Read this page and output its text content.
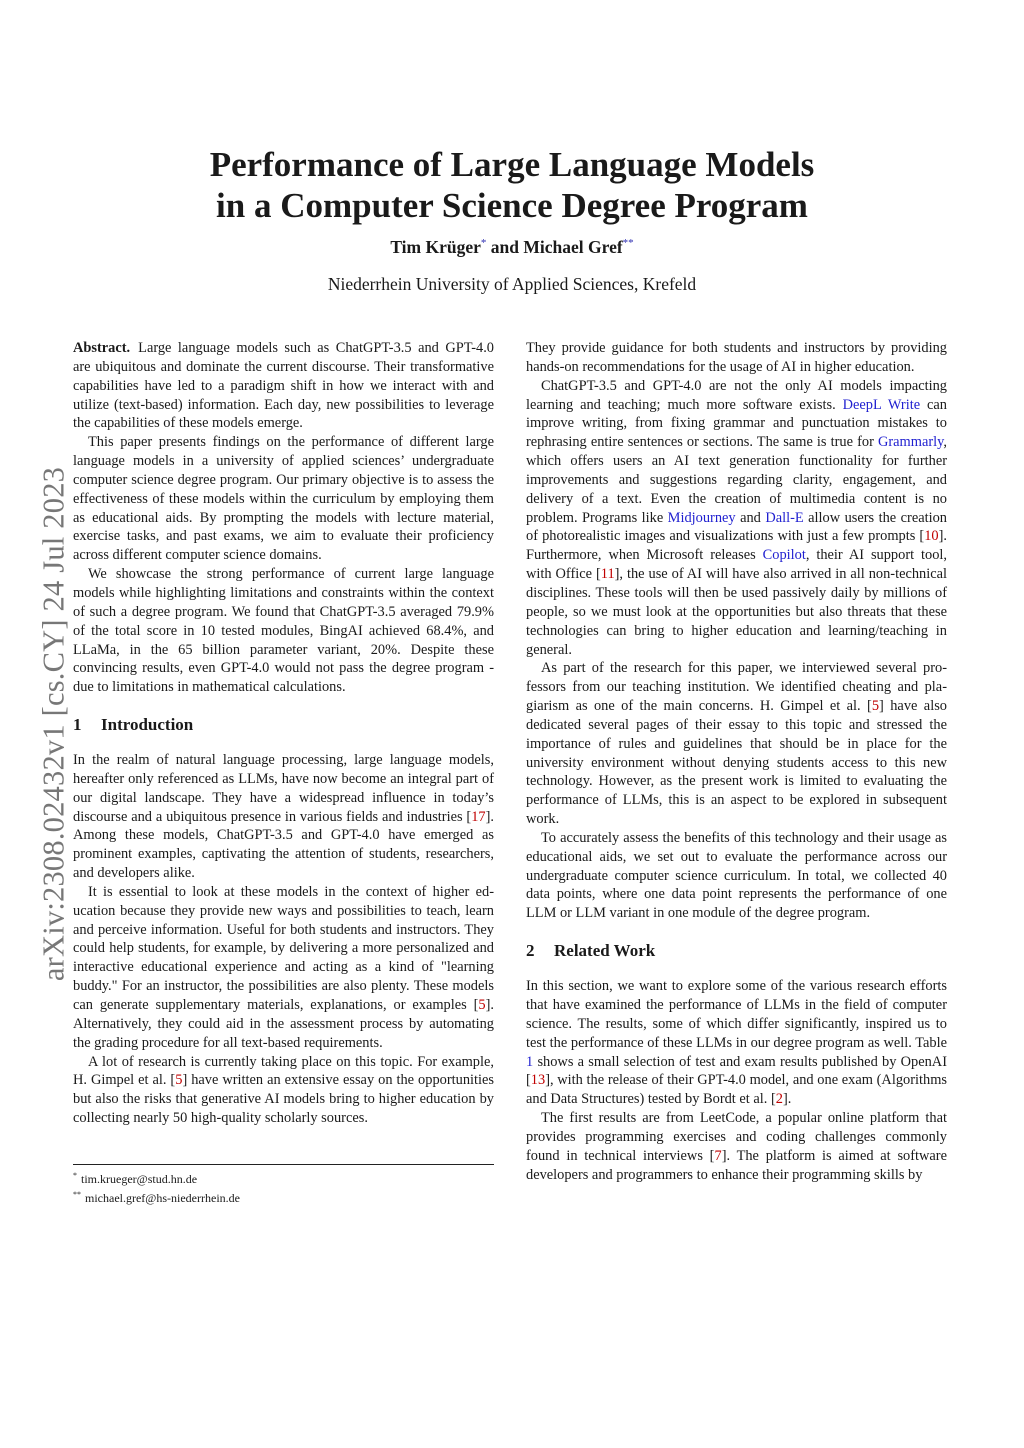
arXiv:2308.02432v1 [cs.CY] 24 Jul 2023
Performance of Large Language Models
in a Computer Science Degree Program
Tim Krüger* and Michael Gref**
Niederrhein University of Applied Sciences, Krefeld

Abstract. Large language models such as ChatGPT-3.5 and GPT-4.0 are ubiquitous and dominate the current discourse. Their transformative capabilities have led to a paradigm shift in how we interact with and utilize (text-based) information. Each day, new possibilities to leverage the capabilities of these models emerge.

This paper presents findings on the performance of different large language models in a university of applied sciences’ undergraduate computer science degree program. Our primary objective is to assess the effectiveness of these models within the curriculum by employing them as educational aids. By prompting the models with lecture material, exercise tasks, and past exams, we aim to evaluate their proficiency across different computer science domains.

We showcase the strong performance of current large language models while highlighting limitations and constraints within the context of such a degree program. We found that ChatGPT-3.5 averaged 79.9% of the total score in 10 tested modules, BingAI achieved 68.4%, and LLaMa, in the 65 billion parameter variant, 20%. Despite these convincing results, even GPT-4.0 would not pass the degree program - due to limitations in mathematical calculations.

1 Introduction

In the realm of natural language processing, large language models, hereafter only referenced as LLMs, have now become an integral part of our digital landscape. They have a widespread influence in today’s discourse and a ubiquitous presence in various fields and industries [17]. Among these models, ChatGPT-3.5 and GPT-4.0 have emerged as prominent examples, captivating the attention of students, researchers, and developers alike.

It is essential to look at these models in the context of higher education because they provide new ways and possibilities to teach, learn and perceive information. Useful for both students and instructors. They could help students, for example, by delivering a more personalized and interactive educational experience and acting as a kind of "learning buddy." For an instructor, the possibilities are also plenty. These models can generate supplementary materials, explanations, or examples [5]. Alternatively, they could aid in the assessment process by automating the grading procedure for all text-based requirements.

A lot of research is currently taking place on this topic. For example, H. Gimpel et al. [5] have written an extensive essay on the opportunities but also the risks that generative AI models bring to higher education by collecting nearly 50 high-quality scholarly sources.

* tim.krueger@stud.hn.de
** michael.gref@hs-niederrhein.de

They provide guidance for both students and instructors by providing hands-on recommendations for the usage of AI in higher education.

ChatGPT-3.5 and GPT-4.0 are not the only AI models impacting learning and teaching; much more software exists. DeepL Write can improve writing, from fixing grammar and punctuation mistakes to rephrasing entire sentences or sections. The same is true for Grammarly, which offers users an AI text generation functionality for further improvements and suggestions regarding clarity, engagement, and delivery of a text. Even the creation of multimedia content is no problem. Programs like Midjourney and Dall-E allow users the creation of photorealistic images and visualizations with just a few prompts [10]. Furthermore, when Microsoft releases Copilot, their AI support tool, with Office [11], the use of AI will have also arrived in all non-technical disciplines. These tools will then be used passively daily by millions of people, so we must look at the opportunities but also threats that these technologies can bring to higher education and learning/teaching in general.

As part of the research for this paper, we interviewed several professors from our teaching institution. We identified cheating and plagiarism as one of the main concerns. H. Gimpel et al. [5] have also dedicated several pages of their essay to this topic and stressed the importance of rules and guidelines that should be in place for the university environment without denying students access to this new technology. However, as the present work is limited to evaluating the performance of LLMs, this is an aspect to be explored in subsequent work.

To accurately assess the benefits of this technology and their usage as educational aids, we set out to evaluate the performance across our undergraduate computer science curriculum. In total, we collected 40 data points, where one data point represents the performance of one LLM or LLM variant in one module of the degree program.

2 Related Work

In this section, we want to explore some of the various research efforts that have examined the performance of LLMs in the field of computer science. The results, some of which differ significantly, inspired us to test the performance of these LLMs in our degree program as well. Table 1 shows a small selection of test and exam results published by OpenAI [13], with the release of their GPT-4.0 model, and one exam (Algorithms and Data Structures) tested by Bordt et al. [2].

The first results are from LeetCode, a popular online platform that provides programming exercises and coding challenges commonly found in technical interviews [7]. The platform is aimed at software developers and programmers to enhance their programming skills by
